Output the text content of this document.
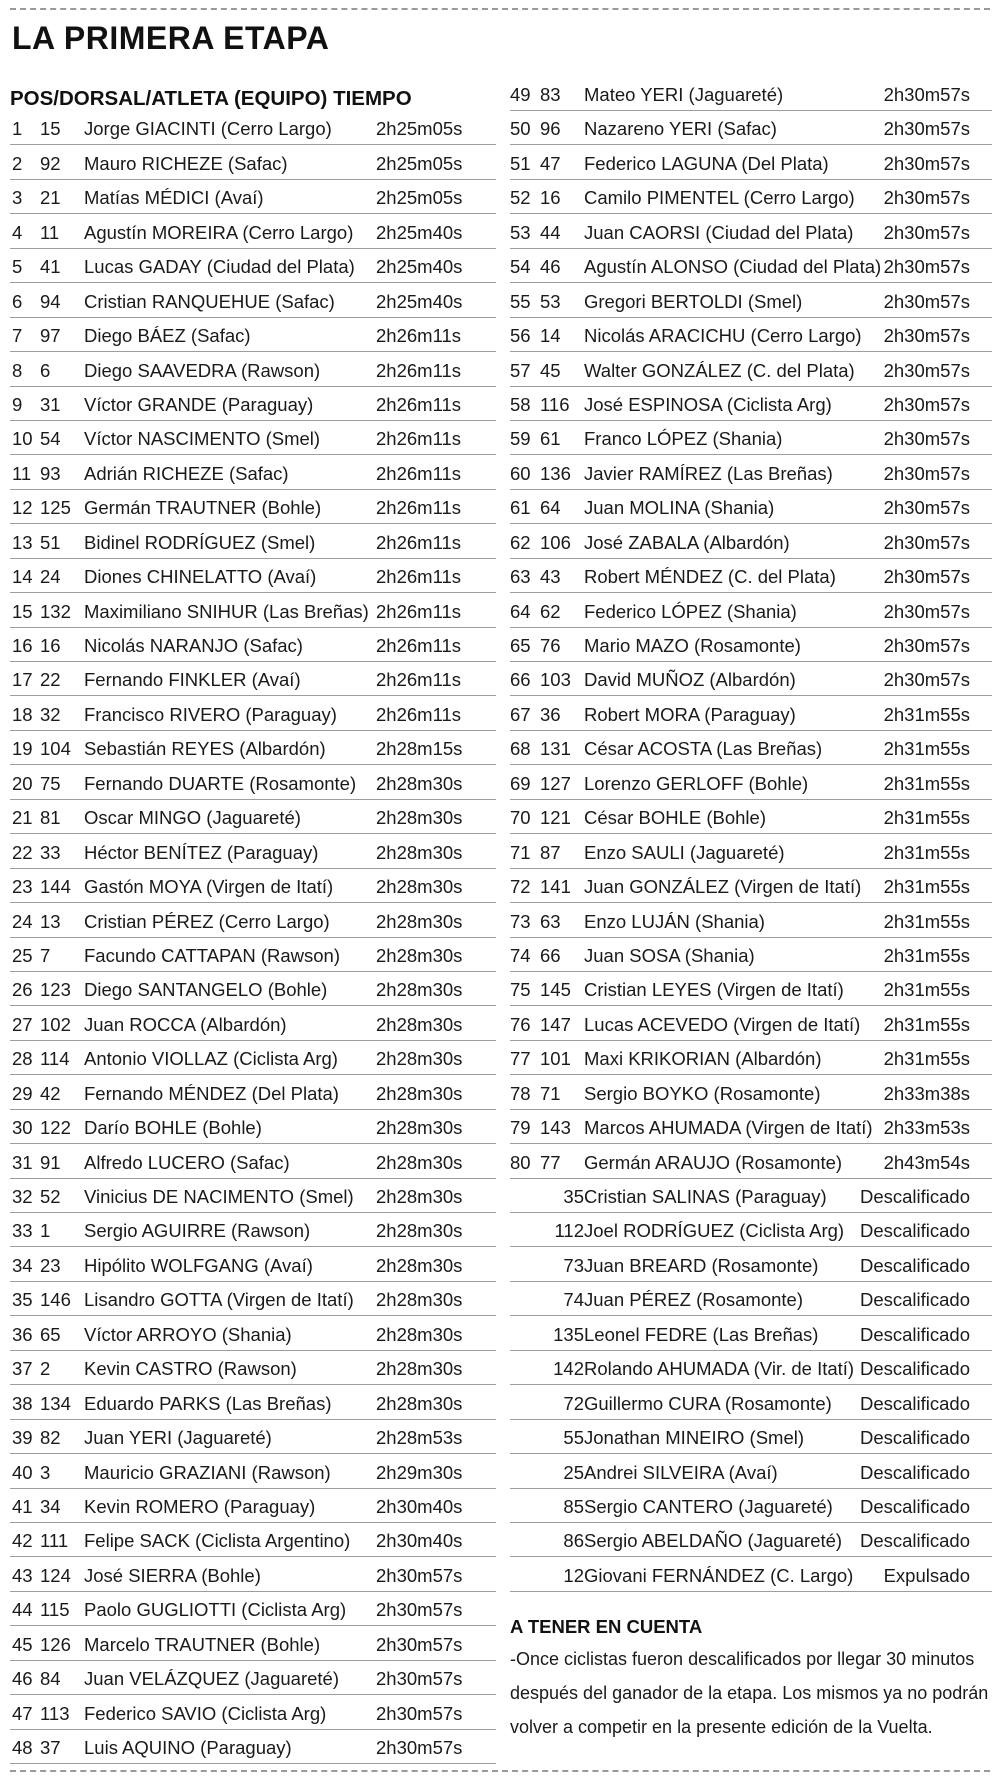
LA PRIMERA ETAPA
POS/DORSAL/ATLETA (EQUIPO) TIEMPO
1 15 Jorge GIACINTI (Cerro Largo) 2h25m05s
2 92 Mauro RICHEZE (Safac)	2h25m05s
3 21 Matías MÉDICI (Avaí)	2h25m05s
4 11 Agustín MOREIRA (Cerro Largo) 2h25m40s
5 41 Lucas GADAY (Ciudad del Plata) 2h25m40s
6 94 Cristian RANQUEHUE (Safac) 2h25m40s
7 97 Diego BÁEZ (Safac)	2h26m11s
8 6 Diego SAAVEDRA (Rawson)	2h26m11s
9 31 Víctor GRANDE (Paraguay)	2h26m11s
10 54 Víctor NASCIMENTO (Smel)	2h26m11s
11 93 Adrián RICHEZE (Safac)	2h26m11s
12 125 Germán TRAUTNER (Bohle)	2h26m11s
13 51 Bidinel RODRÍGUEZ (Smel)	2h26m11s
14 24 Diones CHINELATTO (Avaí)	2h26m11s
15 132 Maximiliano SNIHUR (Las Breñas) 2h26m11s
16 16 Nicolás NARANJO (Safac)	2h26m11s
17 22 Fernando FINKLER (Avaí)	2h26m11s
18 32 Francisco RIVERO (Paraguay) 2h26m11s
19 104 Sebastián REYES (Albardón)	2h28m15s
20 75 Fernando DUARTE (Rosamonte) 2h28m30s
21 81 Oscar MINGO (Jaguareté)	2h28m30s
22 33 Héctor BENÍTEZ (Paraguay)	2h28m30s
23 144 Gastón MOYA (Virgen de Itatí) 2h28m30s
24 13 Cristian PÉREZ (Cerro Largo)	2h28m30s
25 7 Facundo CATTAPAN (Rawson) 2h28m30s
26 123 Diego SANTANGELO (Bohle)	2h28m30s
27 102 Juan ROCCA (Albardón)	2h28m30s
28 114 Antonio VIOLLAZ (Ciclista Arg) 2h28m30s
29 42 Fernando MÉNDEZ (Del Plata) 2h28m30s
30 122 Darío BOHLE (Bohle)	2h28m30s
31 91 Alfredo LUCERO (Safac)	2h28m30s
32 52 Vinicius DE NACIMENTO (Smel) 2h28m30s
33 1 Sergio AGUIRRE (Rawson)	2h28m30s
34 23 Hipólito WOLFGANG (Avaí)	2h28m30s
35 146 Lisandro GOTTA (Virgen de Itatí) 2h28m30s
36 65 Víctor ARROYO (Shania)	2h28m30s
37 2 Kevin CASTRO (Rawson)	2h28m30s
38 134 Eduardo PARKS (Las Breñas) 2h28m30s
39 82 Juan YERI (Jaguareté)	2h28m53s
40 3 Mauricio GRAZIANI (Rawson) 2h29m30s
41 34 Kevin ROMERO (Paraguay)	2h30m40s
42 111 Felipe SACK (Ciclista Argentino) 2h30m40s
43 124 José SIERRA (Bohle)	2h30m57s
44 115 Paolo GUGLIOTTI (Ciclista Arg) 2h30m57s
45 126 Marcelo TRAUTNER (Bohle)	2h30m57s
46 84 Juan VELÁZQUEZ (Jaguareté) 2h30m57s
47 113 Federico SAVIO (Ciclista Arg)	2h30m57s
48 37 Luis AQUINO (Paraguay)	2h30m57s
49 83 Mateo YERI (Jaguareté)	2h30m57s
50 96 Nazareno YERI (Safac)	2h30m57s
51 47 Federico LAGUNA (Del Plata)	2h30m57s
52 16 Camilo PIMENTEL (Cerro Largo) 2h30m57s
53 44 Juan CAORSI (Ciudad del Plata) 2h30m57s
54 46 Agustín ALONSO (Ciudad del Plata) 2h30m57s
55 53 Gregori BERTOLDI (Smel)	2h30m57s
56 14 Nicolás ARACICHU (Cerro Largo) 2h30m57s
57 45 Walter GONZÁLEZ (C. del Plata) 2h30m57s
58 116 José ESPINOSA (Ciclista Arg)	2h30m57s
59 61 Franco LÓPEZ (Shania)	2h30m57s
60 136 Javier RAMÍREZ (Las Breñas)	2h30m57s
61 64 Juan MOLINA (Shania)	2h30m57s
62 106 José ZABALA (Albardón)	2h30m57s
63 43 Robert MÉNDEZ (C. del Plata)	2h30m57s
64 62 Federico LÓPEZ (Shania)	2h30m57s
65 76 Mario MAZO (Rosamonte)	2h30m57s
66 103 David MUÑOZ (Albardón)	2h30m57s
67 36 Robert MORA (Paraguay)	2h31m55s
68 131 César ACOSTA (Las Breñas)	2h31m55s
69 127 Lorenzo GERLOFF (Bohle)	2h31m55s
70 121 César BOHLE (Bohle)	2h31m55s
71 87 Enzo SAULI (Jaguareté)	2h31m55s
72 141 Juan GONZÁLEZ (Virgen de Itatí) 2h31m55s
73 63 Enzo LUJÁN (Shania)	2h31m55s
74 66 Juan SOSA (Shania)	2h31m55s
75 145 Cristian LEYES (Virgen de Itatí) 2h31m55s
76 147 Lucas ACEVEDO (Virgen de Itatí) 2h31m55s
77 101 Maxi KRIKORIAN (Albardón)	2h31m55s
78 71 Sergio BOYKO (Rosamonte)	2h33m38s
79 143 Marcos AHUMADA (Virgen de Itatí) 2h33m53s
80 77 Germán ARAUJO (Rosamonte) 2h43m54s
35 Cristian SALINAS (Paraguay) Descalificado
112 Joel RODRÍGUEZ (Ciclista Arg) Descalificado
73 Juan BREARD (Rosamonte) Descalificado
74 Juan PÉREZ (Rosamonte)	Descalificado
135 Leonel FEDRE (Las Breñas) Descalificado
142 Rolando AHUMADA (Vir. de Itatí) Descalificado
72 Guillermo CURA (Rosamonte) Descalificado
55 Jonathan MINEIRO (Smel)	Descalificado
25 Andrei SILVEIRA (Avaí)	Descalificado
85 Sergio CANTERO (Jaguareté) Descalificado
86 Sergio ABELDAÑO (Jaguareté) Descalificado
12 Giovani FERNÁNDEZ (C. Largo) Expulsado
A TENER EN CUENTA
-Once ciclistas fueron descalificados por llegar 30 minutos después del ganador de la etapa. Los mismos ya no podrán volver a competir en la presente edición de la Vuelta.
